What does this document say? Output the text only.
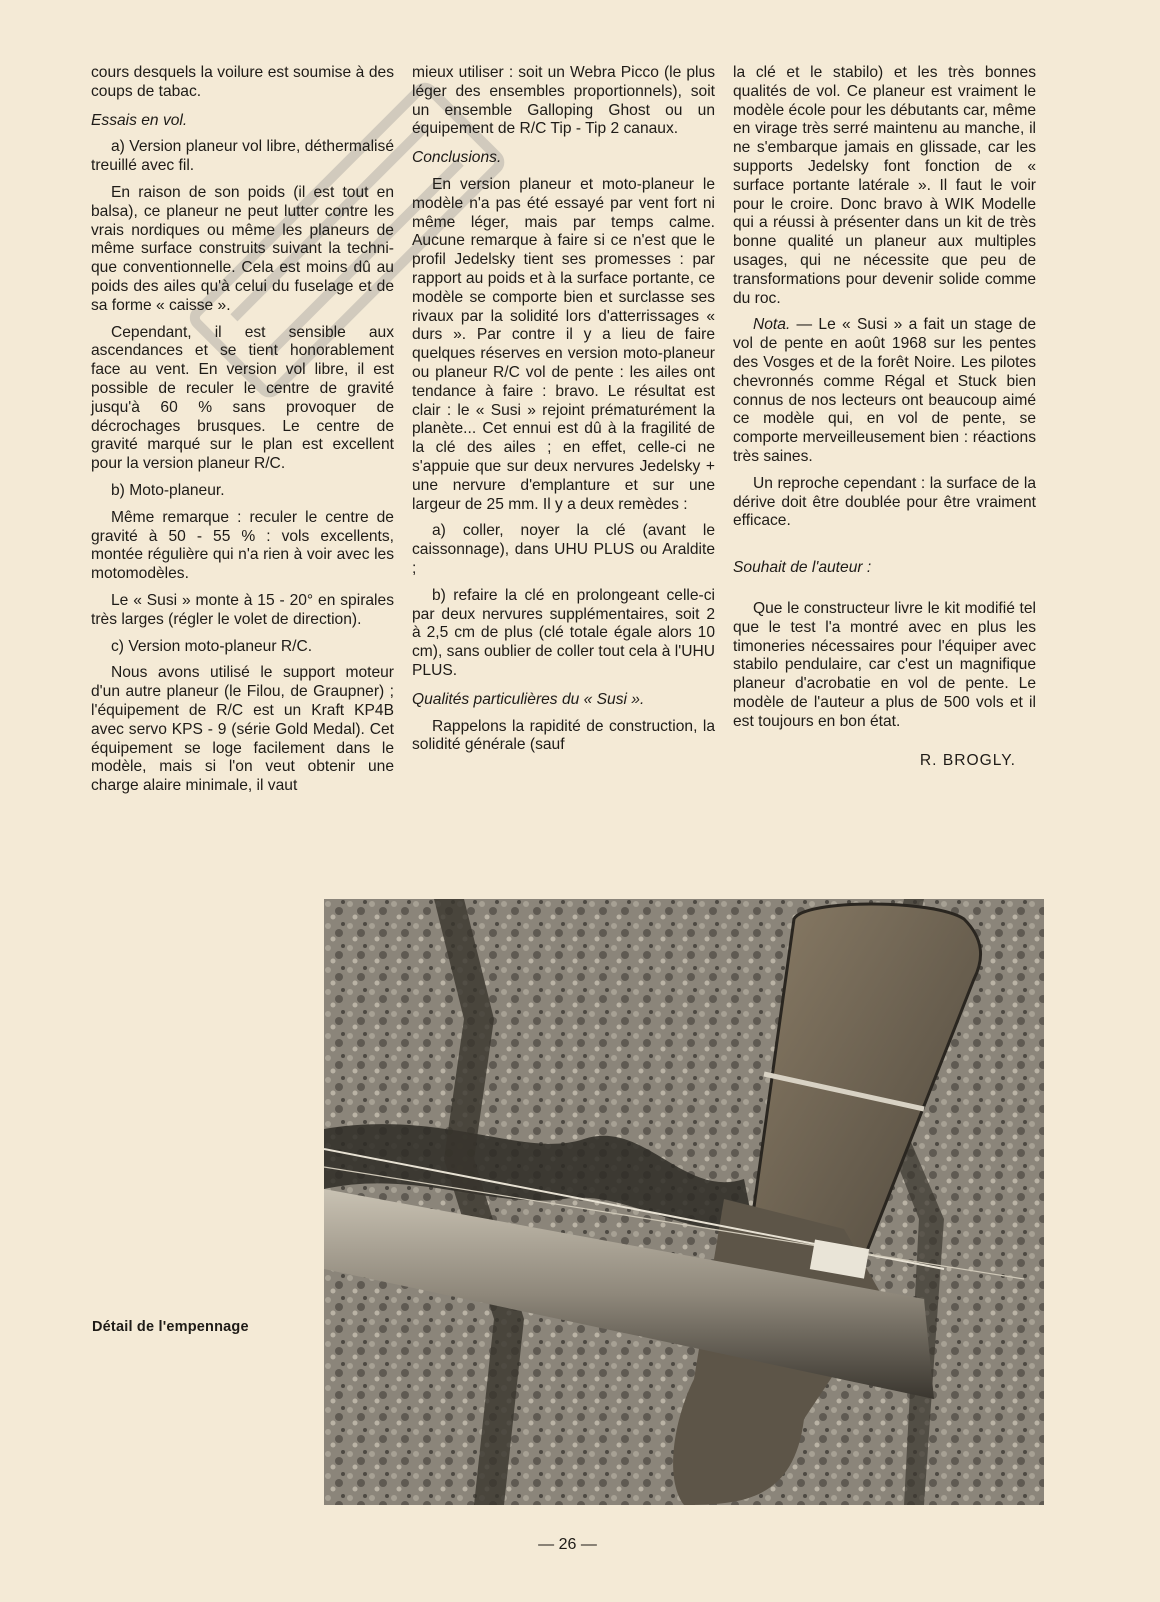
cours desquels la voilure est soumise à des coups de tabac.

Essais en vol.

a) Version planeur vol libre, déthermalisé treuillé avec fil.

En raison de son poids (il est tout en balsa), ce planeur ne peut lutter contre les vrais nordiques ou même les planeurs de même surface construits suivant la technique conventionnelle. Cela est moins dû au poids des ailes qu'à celui du fuselage et de sa forme « caisse ».

Cependant, il est sensible aux ascendances et se tient honorablement face au vent. En version vol libre, il est possible de reculer le centre de gravité jusqu'à 60 % sans provoquer de décrochages brusques. Le centre de gravité marqué sur le plan est excellent pour la version planeur R/C.

b) Moto-planeur.

Même remarque : reculer le centre de gravité à 50 - 55 % : vols excellents, montée régulière qui n'a rien à voir avec les motomodèles.

Le « Susi » monte à 15 - 20° en spirales très larges (régler le volet de direction).

c) Version moto-planeur R/C.

Nous avons utilisé le support moteur d'un autre planeur (le Filou, de Graupner) ; l'équipement de R/C est un Kraft KP4B avec servo KPS - 9 (série Gold Medal). Cet équipement se loge facilement dans le modèle, mais si l'on veut obtenir une charge alaire minimale, il vaut

mieux utiliser : soit un Webra Picco (le plus léger des ensembles proportionnels), soit un ensemble Galloping Ghost ou un équipement de R/C Tip - Tip 2 canaux.

Conclusions.

En version planeur et moto-planeur le modèle n'a pas été essayé par vent fort ni même léger, mais par temps calme. Aucune remarque à faire si ce n'est que le profil Jedelsky tient ses promesses : par rapport au poids et à la surface portante, ce modèle se comporte bien et surclasse ses rivaux par la solidité lors d'atterrissages « durs ». Par contre il y a lieu de faire quelques réserves en version moto-planeur ou planeur R/C vol de pente : les ailes ont tendance à faire : bravo. Le résultat est clair : le « Susi » rejoint prématurément la planète... Cet ennui est dû à la fragilité de la clé des ailes ; en effet, celle-ci ne s'appuie que sur deux nervures Jedelsky + une nervure d'emplanture et sur une largeur de 25 mm. Il y a deux remèdes :

a) coller, noyer la clé (avant le caissonnage), dans UHU PLUS ou Araldite ;

b) refaire la clé en prolongeant celle-ci par deux nervures supplémentaires, soit 2 à 2,5 cm de plus (clé totale égale alors 10 cm), sans oublier de coller tout cela à l'UHU PLUS.

Qualités particulières du « Susi ».

Rappelons la rapidité de construction, la solidité générale (sauf

la clé et le stabilo) et les très bonnes qualités de vol. Ce planeur est vraiment le modèle école pour les débutants car, même en virage très serré maintenu au manche, il ne s'embarque jamais en glissade, car les supports Jedelsky font fonction de « surface portante latérale ». Il faut le voir pour le croire. Donc bravo à WIK Modelle qui a réussi à présenter dans un kit de très bonne qualité un planeur aux multiples usages, qui ne nécessite que peu de transformations pour devenir solide comme du roc.

Nota. — Le « Susi » a fait un stage de vol de pente en août 1968 sur les pentes des Vosges et de la forêt Noire. Les pilotes chevronnés comme Régal et Stuck bien connus de nos lecteurs ont beaucoup aimé ce modèle qui, en vol de pente, se comporte merveilleusement bien : réactions très saines.

Un reproche cependant : la surface de la dérive doit être doublée pour être vraiment efficace.

Souhait de l'auteur :

Que le constructeur livre le kit modifié tel que le test l'a montré avec en plus les timoneries nécessaires pour l'équiper avec stabilo pendulaire, car c'est un magnifique planeur d'acrobatie en vol de pente. Le modèle de l'auteur a plus de 500 vols et il est toujours en bon état.

R. BROGLY.

Détail de l'empennage
— 26 —
